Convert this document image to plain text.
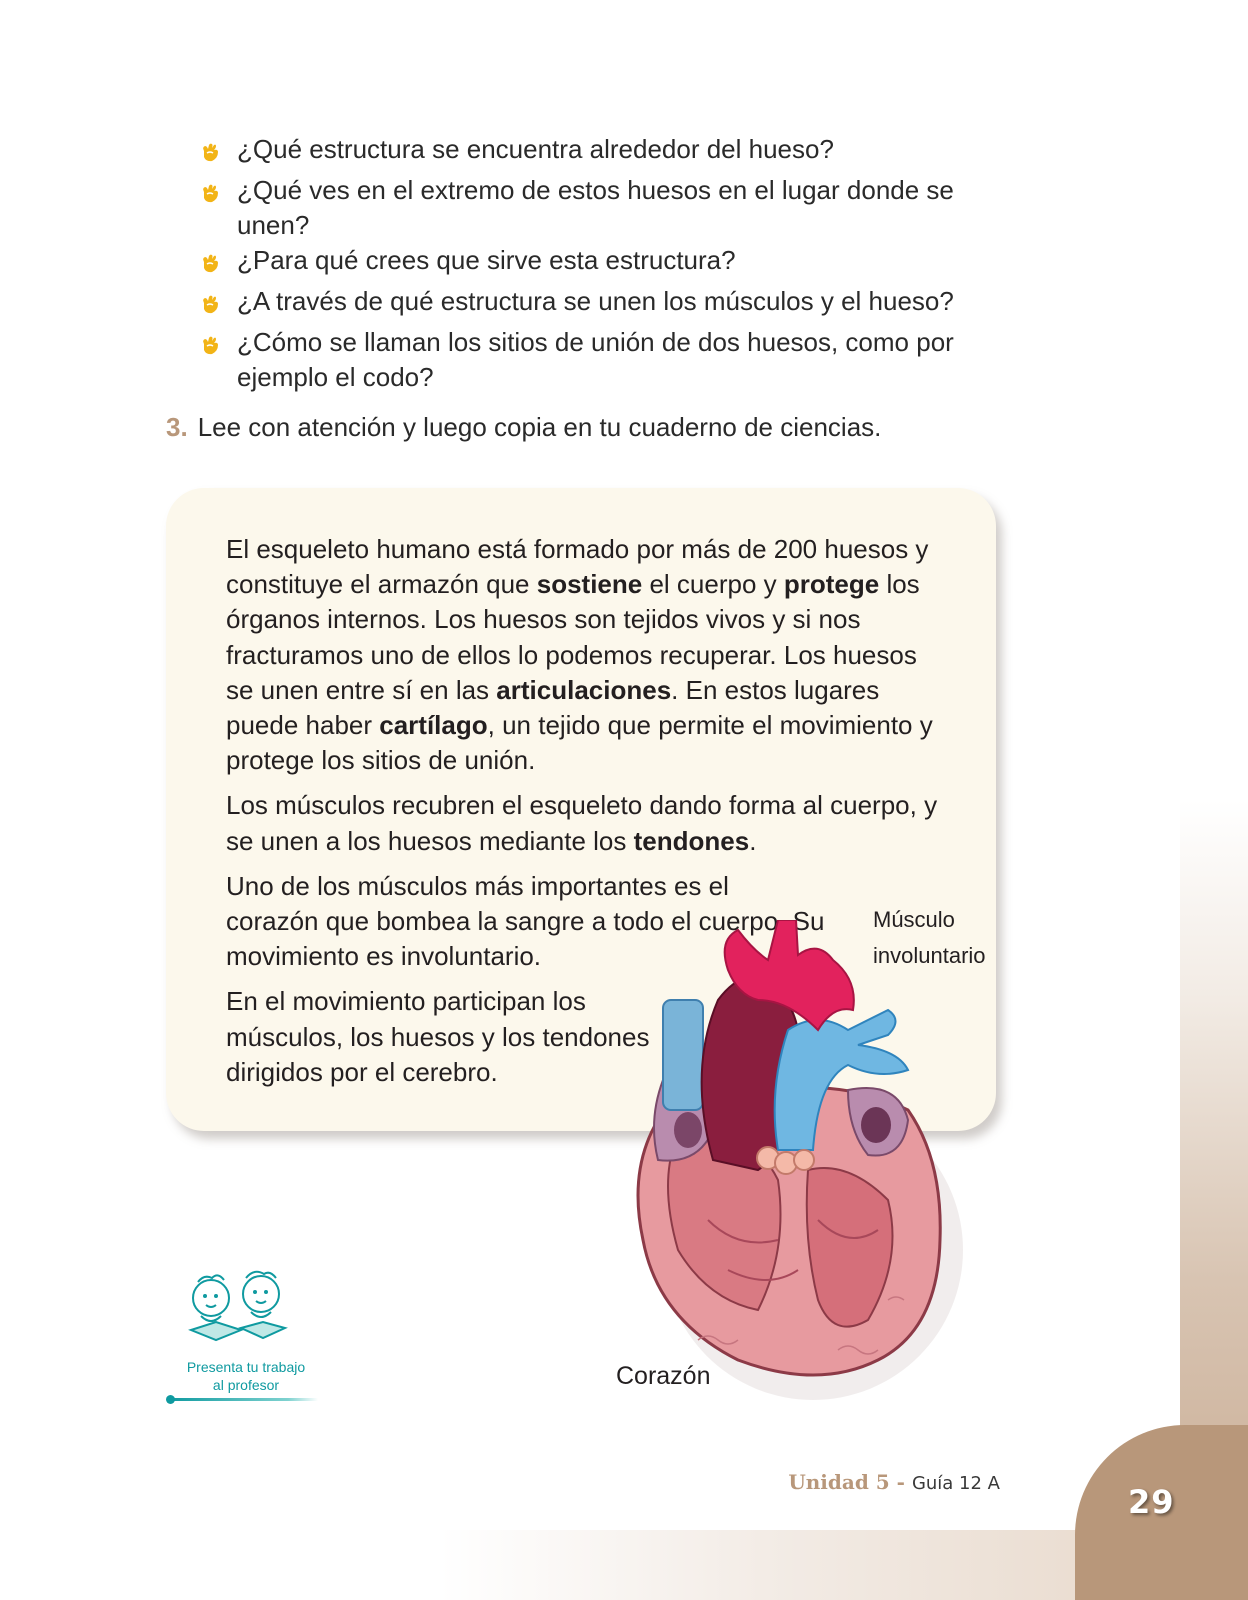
¿Qué estructura se encuentra alrededor del hueso?
¿Qué ves en el extremo de estos huesos en el lugar donde se unen?
¿Para qué crees que sirve esta estructura?
¿A través de qué estructura se unen los músculos y el hueso?
¿Cómo se llaman los sitios de unión de dos huesos, como por ejemplo el codo?
3. Lee con atención y luego copia en tu cuaderno de ciencias.

El esqueleto humano está formado por más de 200 huesos y constituye el armazón que sostiene el cuerpo y protege los órganos internos. Los huesos son tejidos vivos y si nos fracturamos uno de ellos lo podemos recuperar. Los huesos se unen entre sí en las articulaciones. En estos lugares puede haber cartílago, un tejido que permite el movimiento y protege los sitios de unión.

Los músculos recubren el esqueleto dando forma al cuerpo, y se unen a los huesos mediante los tendones.

Uno de los músculos más importantes es el corazón que bombea la sangre a todo el cuerpo. Su movimiento es involuntario.

En el movimiento participan los músculos, los huesos y los tendones dirigidos por el cerebro.

Músculo
involuntario
Corazón
Presenta tu trabajo
al profesor
Unidad 5 - Guía 12 A	29
